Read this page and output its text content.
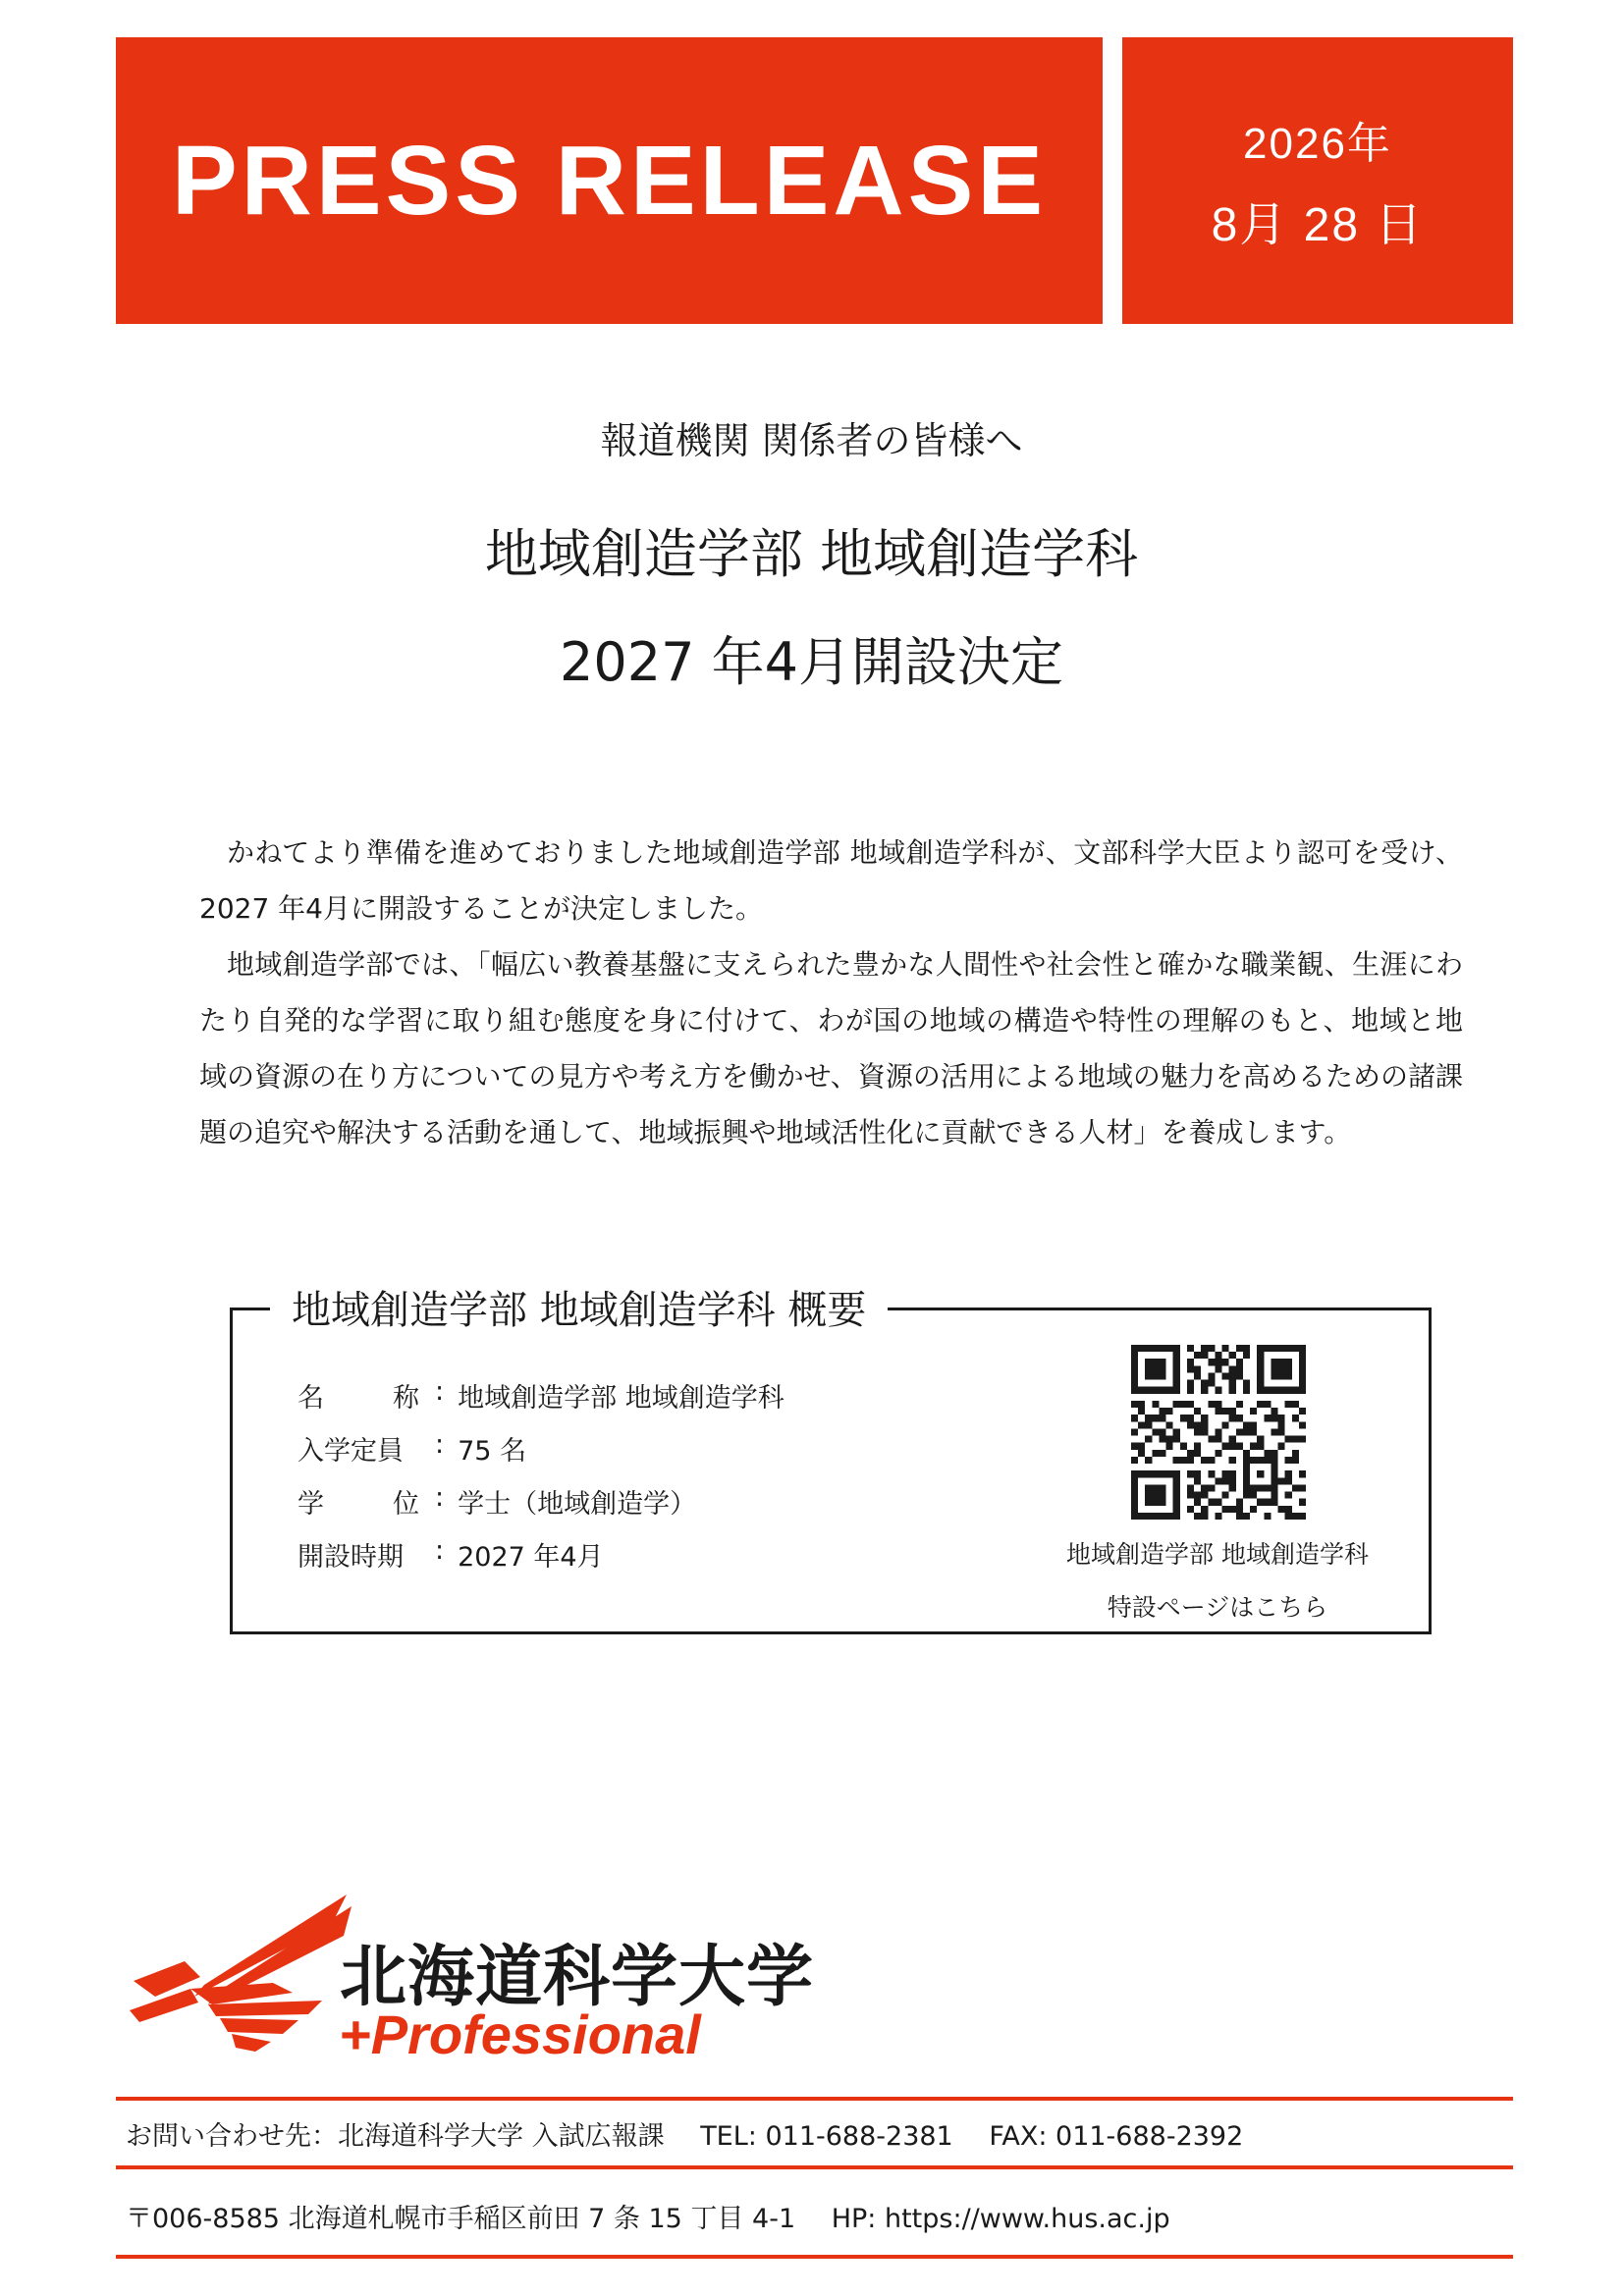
PRESS RELEASE	2026年
8月 28 日
報道機関 関係者の皆様へ
地域創造学部 地域創造学科
2027 年4月開設決定

かねてより準備を進めておりました地域創造学部 地域創造学科が、文部科学大臣より認可を受け、2027 年4月に開設することが決定しました。

地域創造学部では、「幅広い教養基盤に支えられた豊かな人間性や社会性と確かな職業観、生涯にわたり自発的な学習に取り組む態度を身に付けて、わが国の地域の構造や特性の理解のもと、地域と地域の資源の在り方についての見方や考え方を働かせ、資源の活用による地域の魅力を高めるための諸課題の追究や解決する活動を通して、地域振興や地域活性化に貢献できる人材」を養成します。

地域創造学部 地域創造学科 概要
名	称 : 地域創造学部 地域創造学科
入学定員	: 75 名
学	位 : 学士（地域創造学）
開設時期	: 2027 年4月	地域創造学部 地域創造学科
特設ページはこちら
北海道科学大学
+Professional
お問い合わせ先：北海道科学大学 入試広報課 TEL: 011-688-2381 FAX: 011-688-2392
〒006-8585 北海道札幌市手稲区前田 7 条 15 丁目 4-1 HP: https://www.hus.ac.jp
